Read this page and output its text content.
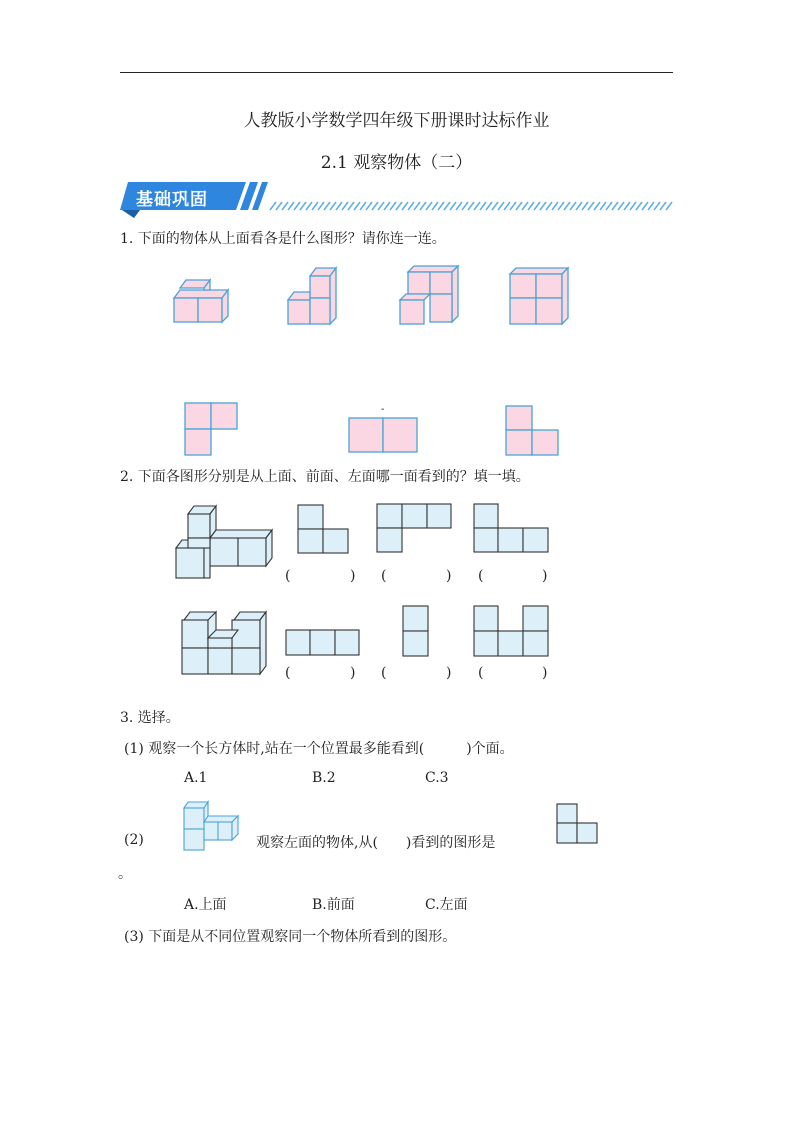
人教版小学数学四年级下册课时达标作业
2.1 观察物体（二）
基础巩固
1. 下面的物体从上面看各是什么图形？请你连一连。
-
2. 下面各图形分别是从上面、前面、左面哪一面看到的？填一填。
(	) (	) (	)
(	) (	) (	)
3. 选择。
(1) 观察一个长方体时,站在一个位置最多能看到(　　　)个面。
A.1	B.2	C.3
(2)	观察左面的物体,从(　　)看到的图形是
。
A.上面	B.前面	C.左面
(3) 下面是从不同位置观察同一个物体所看到的图形。
